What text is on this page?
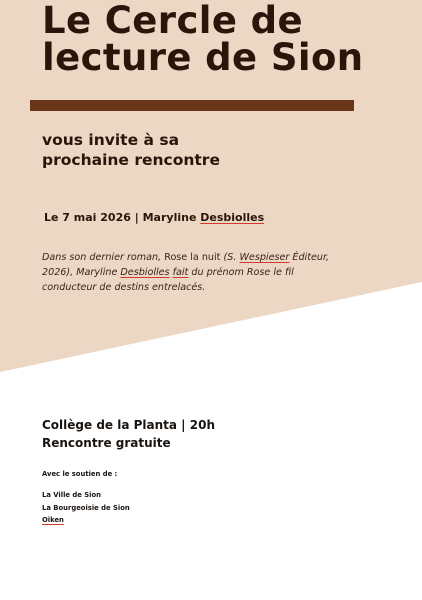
Le Cercle de
lecture de Sion
vous invite à sa
prochaine rencontre
Le 7 mai 2026 | Maryline Desbiolles

Dans son dernier roman, Rose la nuit (S. Wespieser Éditeur, 2026), Maryline Desbiolles fait du prénom Rose le fil conducteur de destins entrelacés.

Collège de la Planta | 20h
Rencontre gratuite
Avec le soutien de :
La Ville de Sion
La Bourgeoisie de Sion
Oiken
